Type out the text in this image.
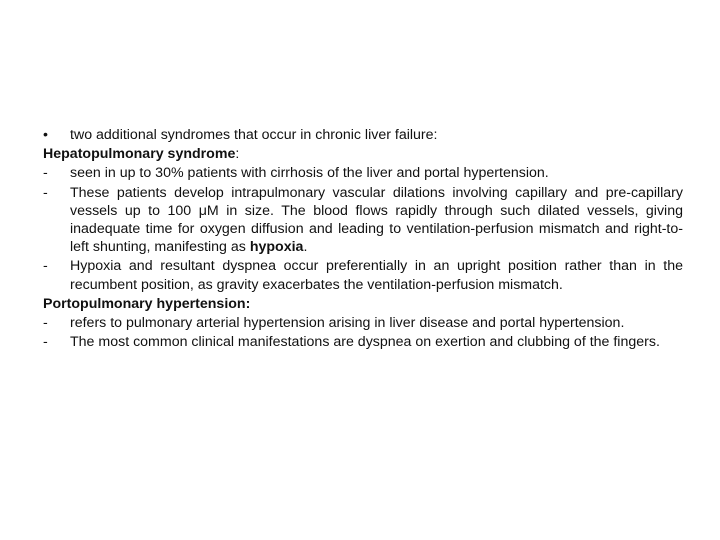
•	two additional syndromes that occur in chronic liver failure:
Hepatopulmonary syndrome:
-	seen in up to 30% patients with cirrhosis of the liver and portal hypertension.
-	These patients develop intrapulmonary vascular dilations involving capillary and pre-capillary vessels up to 100 μM in size. The blood flows rapidly through such dilated vessels, giving inadequate time for oxygen diffusion and leading to ventilation-perfusion mismatch and right-to-left shunting, manifesting as hypoxia.
-	Hypoxia and resultant dyspnea occur preferentially in an upright position rather than in the recumbent position, as gravity exacerbates the ventilation-perfusion mismatch.
Portopulmonary hypertension:
-	refers to pulmonary arterial hypertension arising in liver disease and portal hypertension.
-	The most common clinical manifestations are dyspnea on exertion and clubbing of the fingers.
